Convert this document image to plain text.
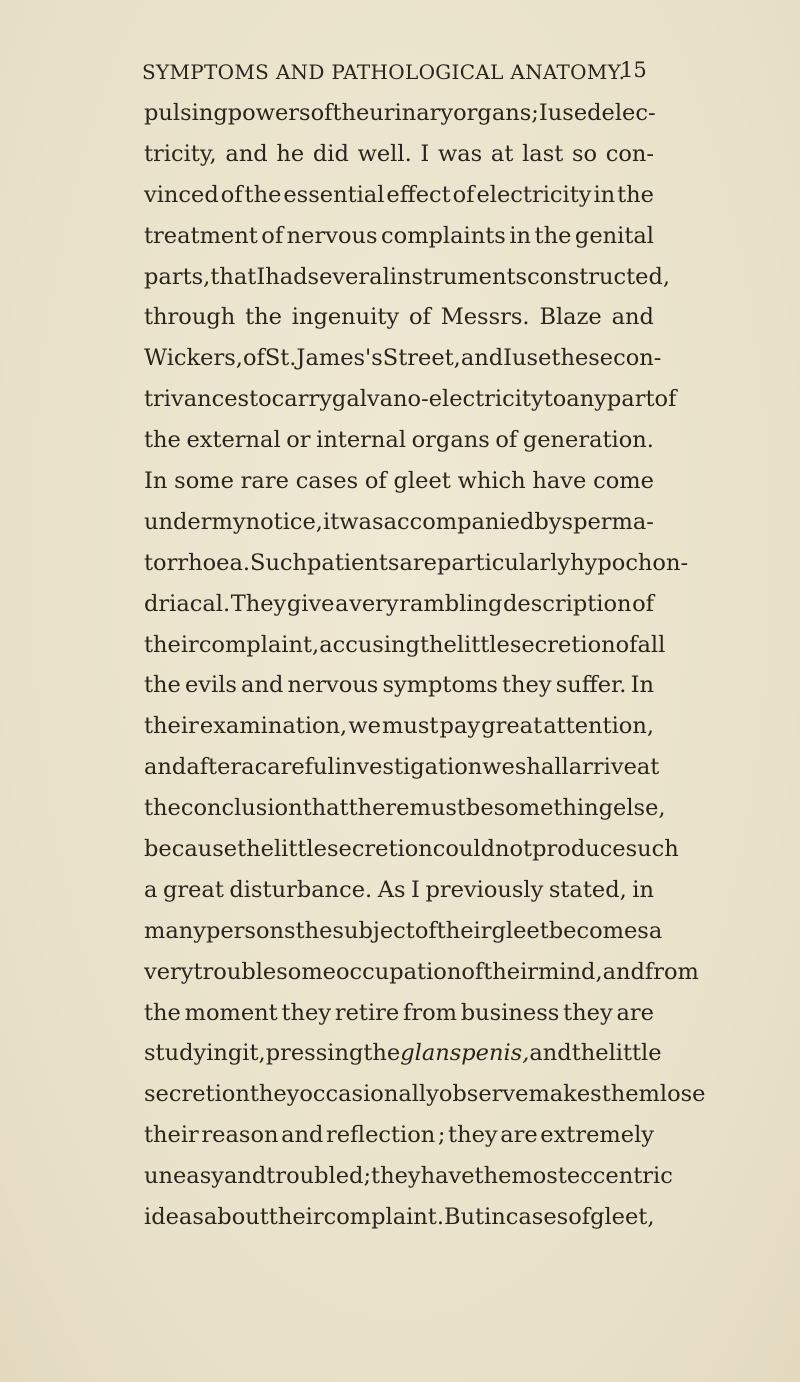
SYMPTOMS AND PATHOLOGICAL ANATOMY.
15
pulsing powers of the urinary organs ; I used elec-
tricity, and he did well. I was at last so con-
vinced of the essential effect of electricity in the
treatment of nervous complaints in the genital
parts, that I had several instruments constructed,
through the ingenuity of Messrs. Blaze and
Wickers, of St. James's Street, and I use these con-
trivances to carry galvano-electricity to any part of
the external or internal organs of generation.
In some rare cases of gleet which have come
under my notice, it was accompanied by sperma-
torrhoea. Such patients are particularly hypochon-
driacal. They give a very rambling description of
their complaint, accusing the little secretion of all
the evils and nervous symptoms they suffer. In
their examination, we must pay great attention,
and after a careful investigation we shall arrive at
the conclusion that there must be something else,
because the little secretion could not produce such
a great disturbance. As I previously stated, in
many persons the subject of their gleet becomes a
very troublesome occupation of their mind, and from
the moment they retire from business they are
studying it, pressing the glans penis, and the little
secretion they occasionally observe makes them lose
their reason and reflection ; they are extremely
uneasy and troubled ; they have the most eccentric
ideas about their complaint. But in cases of gleet,
